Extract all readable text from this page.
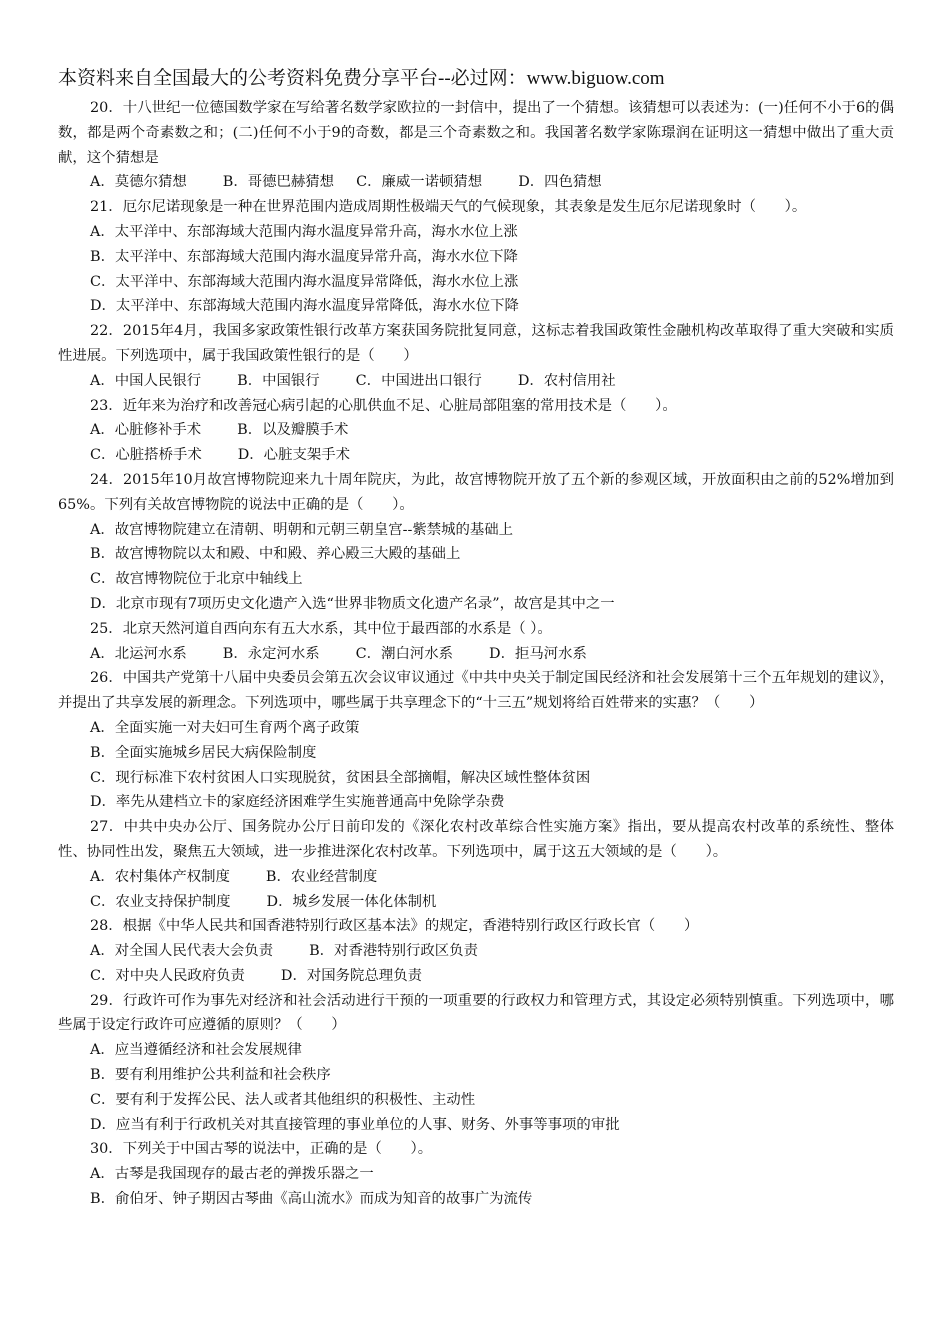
本资料来自全国最大的公考资料免费分享平台--必过网：www.biguow.com
20．十八世纪一位德国数学家在写给著名数学家欧拉的一封信中，提出了一个猜想。该猜想可以表述为：(一)任何不小于6的偶数，都是两个奇素数之和；(二)任何不小于9的奇数，都是三个奇素数之和。我国著名数学家陈璟润在证明这一猜想中做出了重大贡献，这个猜想是
A．莫德尔猜想	B．哥德巴赫猜想 C．廉威一诺顿猜想	D．四色猜想
21．厄尔尼诺现象是一种在世界范围内造成周期性极端天气的气候现象，其表象是发生厄尔尼诺现象时（　　）。
A．太平洋中、东部海域大范围内海水温度异常升高，海水水位上涨
B．太平洋中、东部海域大范围内海水温度异常升高，海水水位下降
C．太平洋中、东部海域大范围内海水温度异常降低，海水水位上涨
D．太平洋中、东部海域大范围内海水温度异常降低，海水水位下降
22．2015年4月，我国多家政策性银行改革方案获国务院批复同意，这标志着我国政策性金融机构改革取得了重大突破和实质性进展。下列选项中，属于我国政策性银行的是（　　）
A．中国人民银行	B．中国银行	C．中国进出口银行	D．农村信用社
23．近年来为治疗和改善冠心病引起的心肌供血不足、心脏局部阻塞的常用技术是（　　）。
A．心脏修补手术	B．以及瓣膜手术
C．心脏搭桥手术	D．心脏支架手术
24．2015年10月故宫博物院迎来九十周年院庆，为此，故宫博物院开放了五个新的参观区域，开放面积由之前的52%增加到65%。下列有关故宫博物院的说法中正确的是（　　）。
A．故宫博物院建立在清朝、明朝和元朝三朝皇宫--紫禁城的基础上
B．故宫博物院以太和殿、中和殿、养心殿三大殿的基础上
C．故宫博物院位于北京中轴线上
D．北京市现有7项历史文化遗产入选“世界非物质文化遗产名录”，故宫是其中之一
25．北京天然河道自西向东有五大水系，其中位于最西部的水系是（ ）。
A．北运河水系	B．永定河水系	C．潮白河水系	D．拒马河水系
26．中国共产党第十八届中央委员会第五次会议审议通过《中共中央关于制定国民经济和社会发展第十三个五年规划的建议》，并提出了共享发展的新理念。下列选项中，哪些属于共享理念下的“十三五”规划将给百姓带来的实惠？（　　）
A．全面实施一对夫妇可生育两个离子政策
B．全面实施城乡居民大病保险制度
C．现行标准下农村贫困人口实现脱贫，贫困县全部摘帽，解决区域性整体贫困
D．率先从建档立卡的家庭经济困难学生实施普通高中免除学杂费
27．中共中央办公厅、国务院办公厅日前印发的《深化农村改革综合性实施方案》指出，要从提高农村改革的系统性、整体性、协同性出发，聚焦五大领域，进一步推进深化农村改革。下列选项中，属于这五大领域的是（　　）。
A．农村集体产权制度	B．农业经营制度
C．农业支持保护制度	D．城乡发展一体化体制机
28．根据《中华人民共和国香港特别行政区基本法》的规定，香港特别行政区行政长官（　　）
A．对全国人民代表大会负责	B．对香港特别行政区负责
C．对中央人民政府负责	D．对国务院总理负责
29．行政许可作为事先对经济和社会活动进行干预的一项重要的行政权力和管理方式，其设定必须特别慎重。下列选项中，哪些属于设定行政许可应遵循的原则？（　　）
A．应当遵循经济和社会发展规律
B．要有利用维护公共利益和社会秩序
C．要有利于发挥公民、法人或者其他组织的积极性、主动性
D．应当有利于行政机关对其直接管理的事业单位的人事、财务、外事等事项的审批
30．下列关于中国古琴的说法中，正确的是（　　）。
A．古琴是我国现存的最古老的弹拨乐器之一
B．俞伯牙、钟子期因古琴曲《高山流水》而成为知音的故事广为流传
